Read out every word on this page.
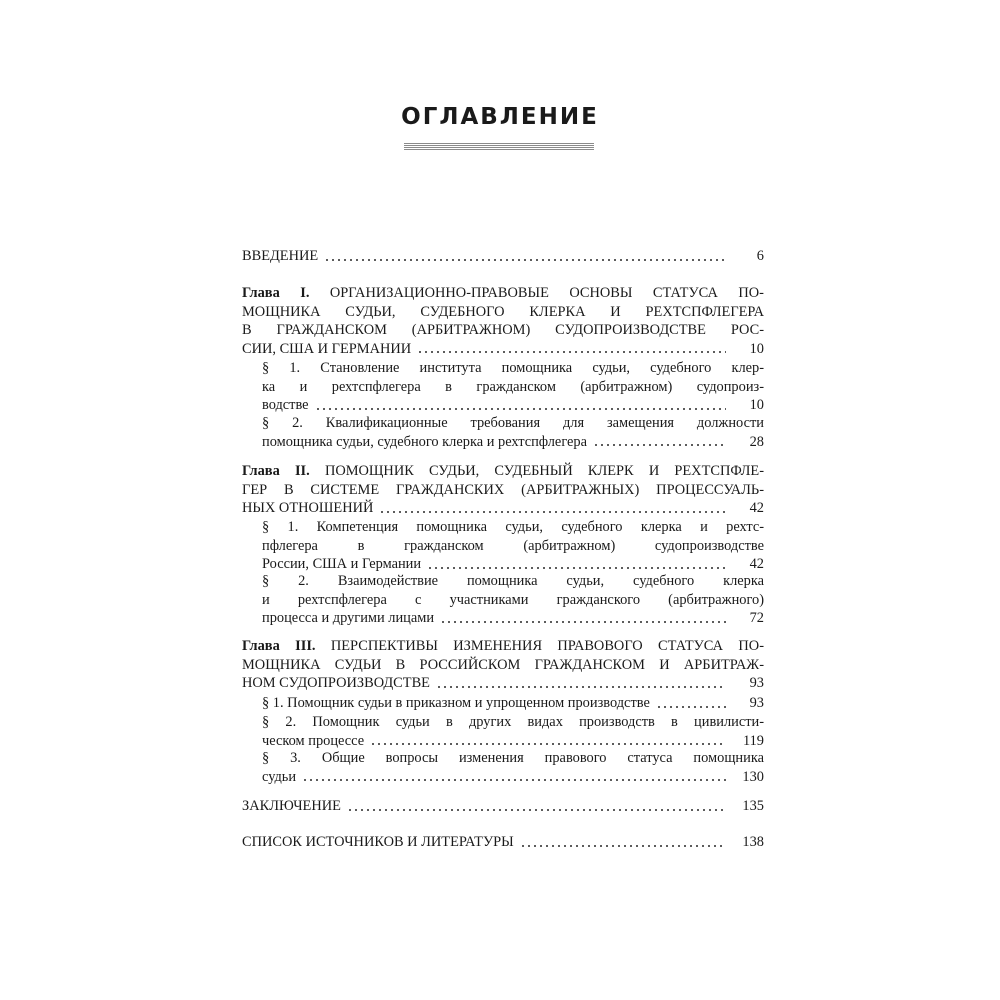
ОГЛАВЛЕНИЕ
ВВЕДЕНИЕ	6
Глава I. ОРГАНИЗАЦИОННО-ПРАВОВЫЕ ОСНОВЫ СТАТУСА ПО-
МОЩНИКА СУДЬИ, СУДЕБНОГО КЛЕРКА И РЕХТСПФЛЕГЕРА
В ГРАЖДАНСКОМ (АРБИТРАЖНОМ) СУДОПРОИЗВОДСТВЕ РОС-
СИИ, США И ГЕРМАНИИ	10
§ 1. Становление института помощника судьи, судебного клер-
ка и рехтспфлегера в гражданском (арбитражном) судопроиз-
водстве	10
§ 2. Квалификационные требования для замещения должности
помощника судьи, судебного клерка и рехтспфлегера	28
Глава II. ПОМОЩНИК СУДЬИ, СУДЕБНЫЙ КЛЕРК И РЕХТСПФЛЕ-
ГЕР В СИСТЕМЕ ГРАЖДАНСКИХ (АРБИТРАЖНЫХ) ПРОЦЕССУАЛЬ-
НЫХ ОТНОШЕНИЙ	42
§ 1. Компетенция помощника судьи, судебного клерка и рехтс-
пфлегера в гражданском (арбитражном) судопроизводстве
России, США и Германии	42
§ 2. Взаимодействие помощника судьи, судебного клерка
и рехтспфлегера с участниками гражданского (арбитражного)
процесса и другими лицами	72
Глава III. ПЕРСПЕКТИВЫ ИЗМЕНЕНИЯ ПРАВОВОГО СТАТУСА ПО-
МОЩНИКА СУДЬИ В РОССИЙСКОМ ГРАЖДАНСКОМ И АРБИТРАЖ-
НОМ СУДОПРОИЗВОДСТВЕ	93
§ 1. Помощник судьи в приказном и упрощенном производстве	93
§ 2. Помощник судьи в других видах производств в цивилисти-
ческом процессе	119
§ 3. Общие вопросы изменения правового статуса помощника
судьи	130
ЗАКЛЮЧЕНИЕ	135
СПИСОК ИСТОЧНИКОВ И ЛИТЕРАТУРЫ	138
